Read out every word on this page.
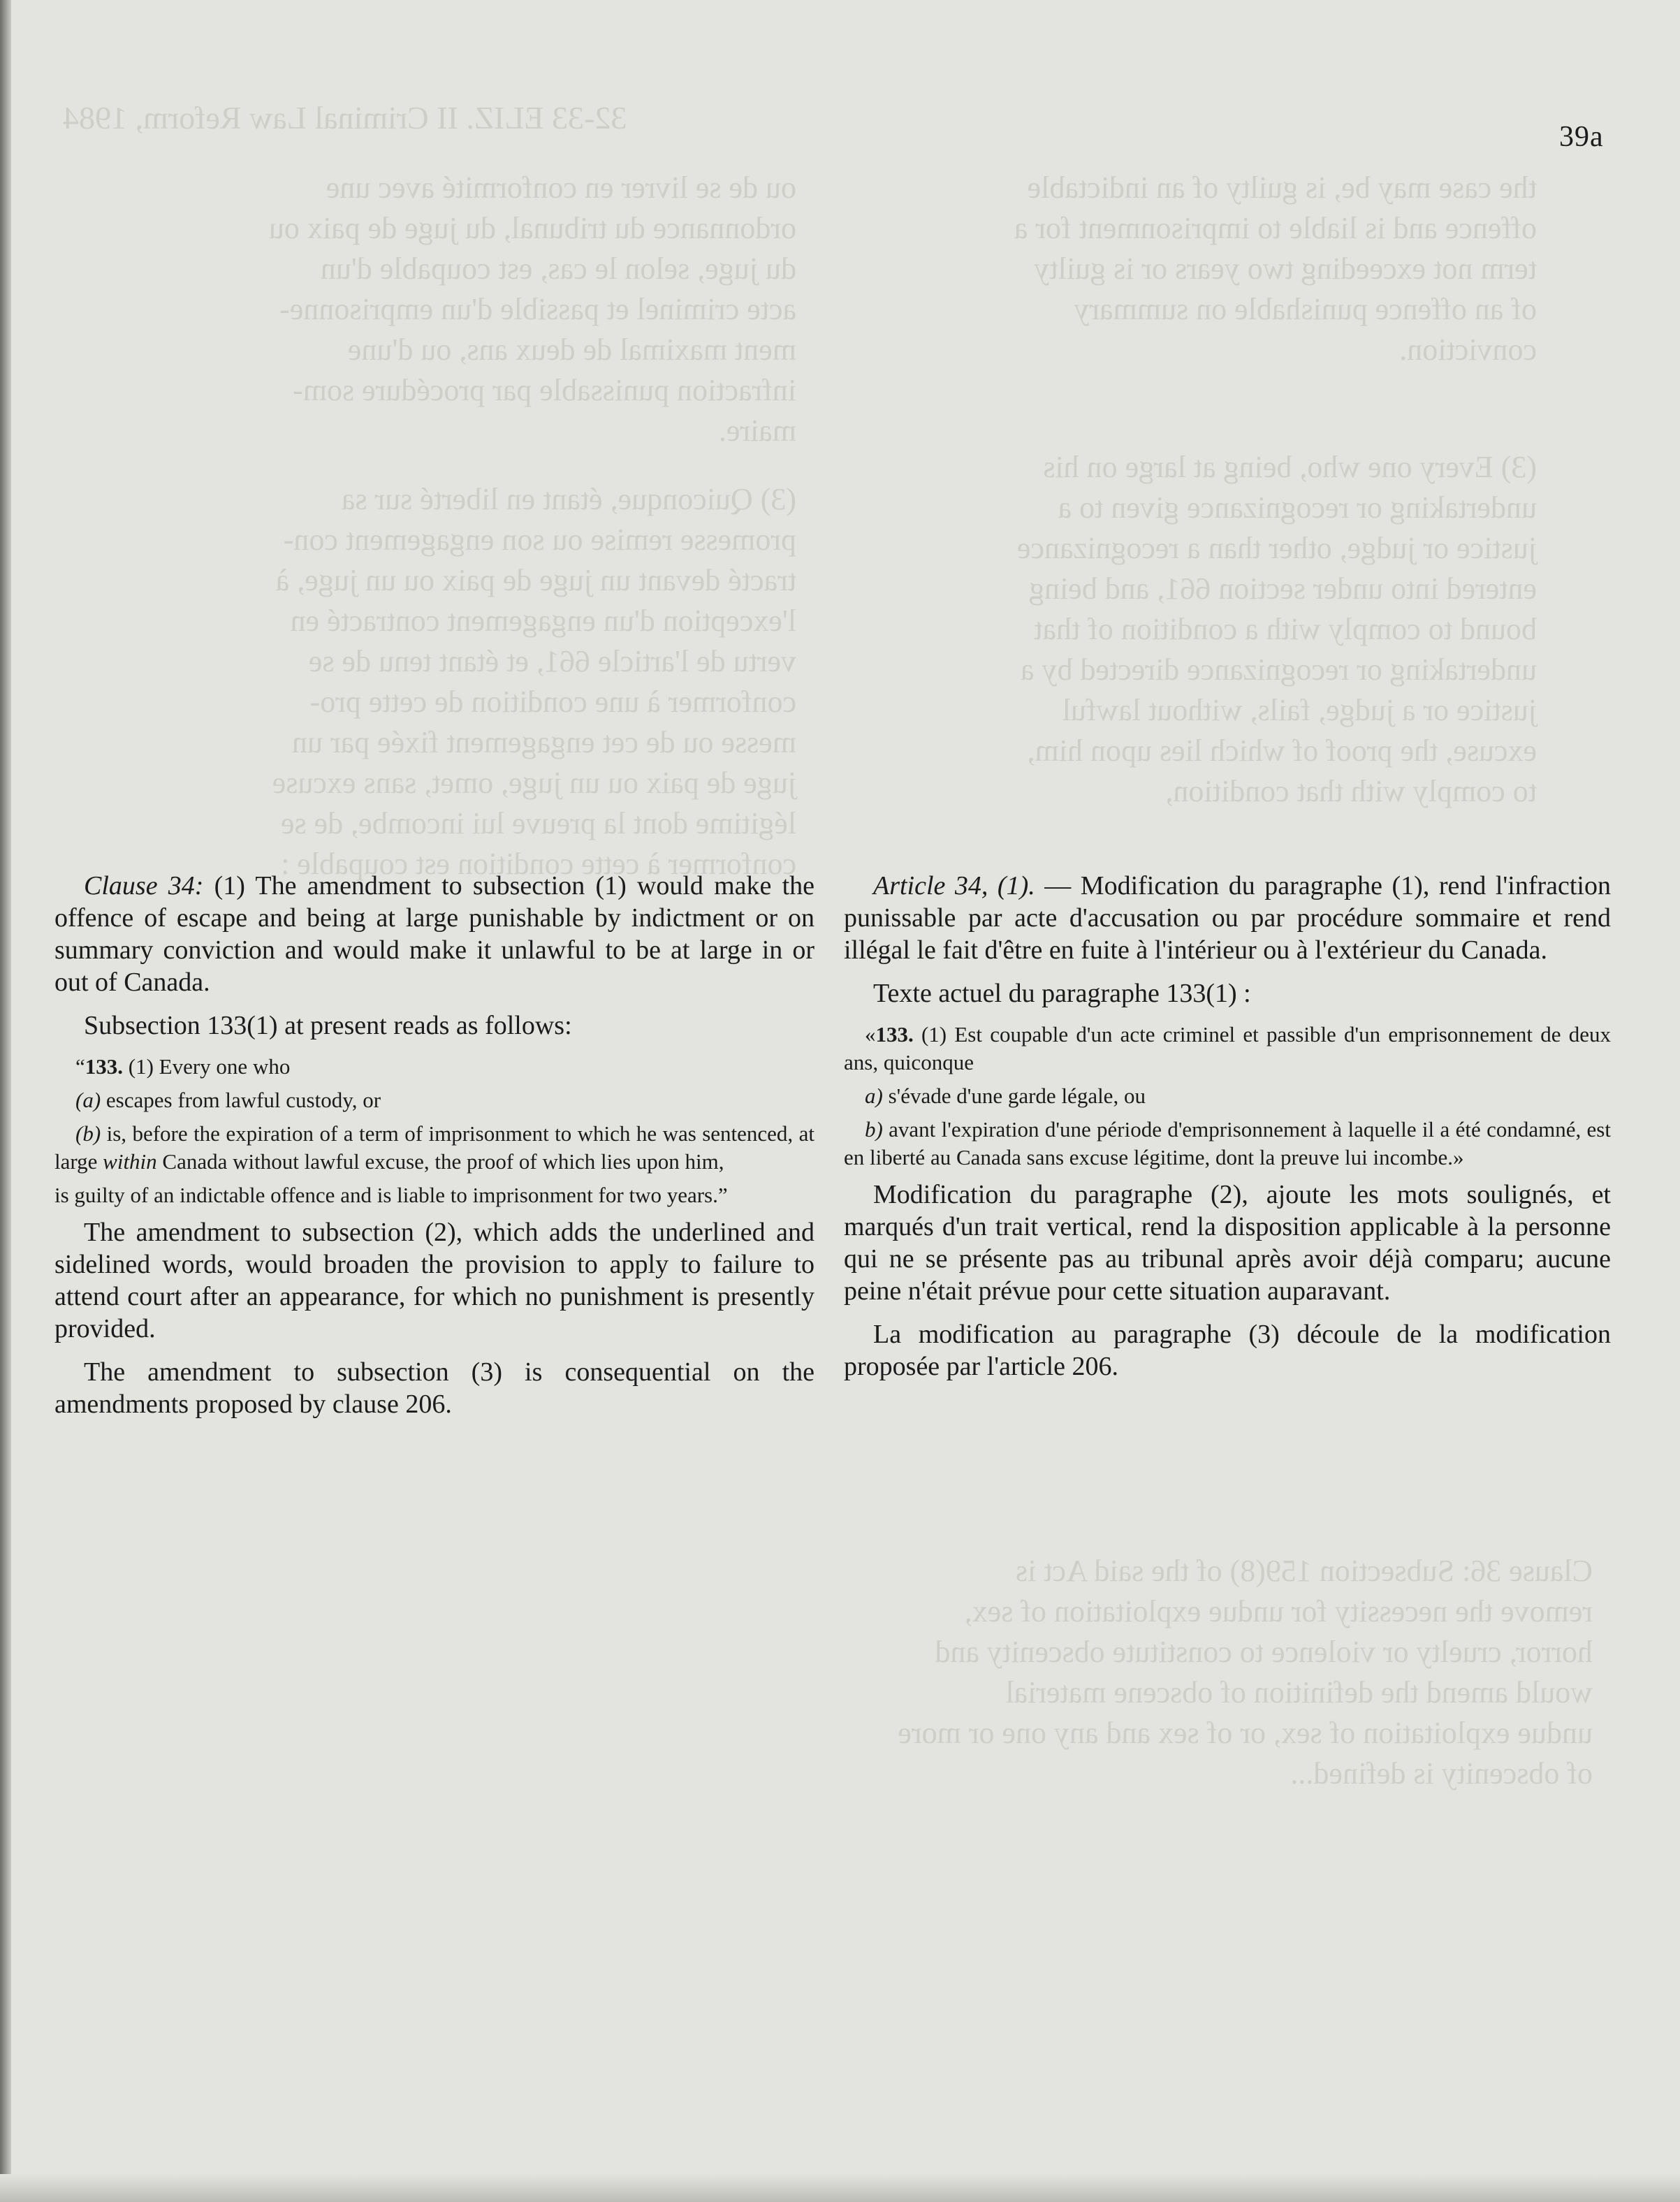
32-33 ELIZ. II Criminal Law Reform, 1984
the case may be, is guilty of an indictable
offence and is liable to imprisonment for a
term not exceeding two years or is guilty
of an offence punishable on summary
conviction.
(3) Every one who, being at large on his
undertaking or recognizance given to a
justice or judge, other than a recognizance
entered into under section 661, and being
bound to comply with a condition of that
undertaking or recognizance directed by a
justice or a judge, fails, without lawful
excuse, the proof of which lies upon him,
to comply with that condition,
ou de se livrer en conformité avec une
ordonnance du tribunal, du juge de paix ou
du juge, selon le cas, est coupable d'un
acte criminel et passible d'un emprisonne-
ment maximal de deux ans, ou d'une
infraction punissable par procédure som-
maire.
(3) Quiconque, étant en liberté sur sa
promesse remise ou son engagement con-
tracté devant un juge de paix ou un juge, à
l'exception d'un engagement contracté en
vertu de l'article 661, et étant tenu de se
conformer à une condition de cette pro-
messe ou de cet engagement fixée par un
juge de paix ou un juge, omet, sans excuse
légitime dont la preuve lui incombe, de se
conformer à cette condition est coupable :
Clause 36: Subsection 159(8) of the said Act is
remove the necessity for undue exploitation of sex,
horror, cruelty or violence to constitute obscenity and
would amend the definition of obscene material
undue exploitation of sex, or of sex and any one or more
of obscenity is defined...
39a

Clause 34: (1) The amendment to subsection (1) would make the offence of escape and being at large punishable by indictment or on summary conviction and would make it unlawful to be at large in or out of Canada.

Subsection 133(1) at present reads as follows:

“133. (1) Every one who
(a) escapes from lawful custody, or
(b) is, before the expiration of a term of imprisonment to which he was sentenced, at large within Canada without lawful excuse, the proof of which lies upon him,
is guilty of an indictable offence and is liable to imprisonment for two years.”

The amendment to subsection (2), which adds the underlined and sidelined words, would broaden the provision to apply to failure to attend court after an appearance, for which no punishment is presently provided.

The amendment to subsection (3) is consequential on the amendments proposed by clause 206.

Article 34, (1). — Modification du paragraphe (1), rend l'infraction punissable par acte d'accusation ou par procédure sommaire et rend illégal le fait d'être en fuite à l'intérieur ou à l'extérieur du Canada.

Texte actuel du paragraphe 133(1) :

«133. (1) Est coupable d'un acte criminel et passible d'un emprisonnement de deux ans, quiconque
a) s'évade d'une garde légale, ou
b) avant l'expiration d'une période d'emprisonnement à laquelle il a été condamné, est en liberté au Canada sans excuse légitime, dont la preuve lui incombe.»

Modification du paragraphe (2), ajoute les mots soulignés, et marqués d'un trait vertical, rend la disposition applicable à la personne qui ne se présente pas au tribunal après avoir déjà comparu; aucune peine n'était prévue pour cette situation auparavant.

La modification au paragraphe (3) découle de la modification proposée par l'article 206.
